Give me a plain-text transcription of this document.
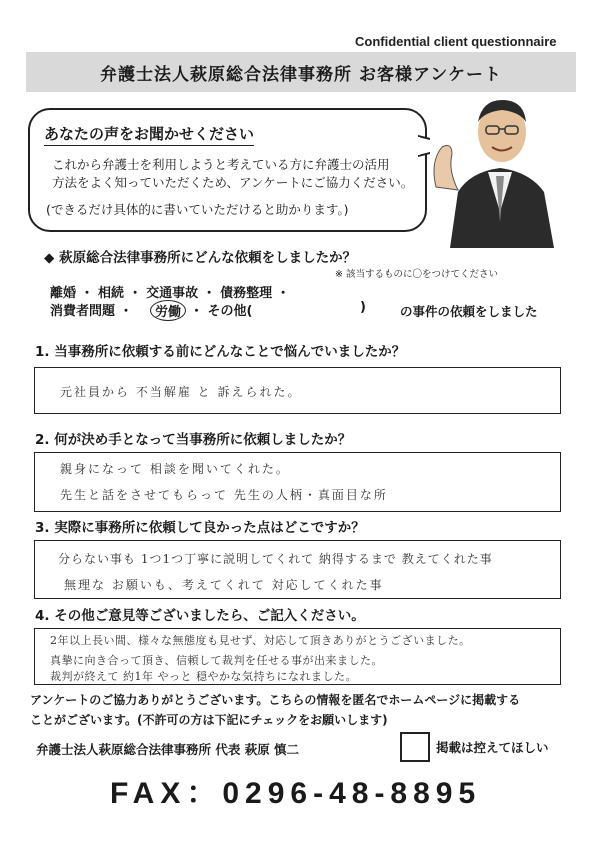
Confidential client questionnaire
弁護士法人萩原総合法律事務所 お客様アンケート
あなたの声をお聞かせください
これから弁護士を利用しようと考えている方に弁護士の活用
方法をよく知っていただくため、アンケートにご協力ください。
(できるだけ具体的に書いていただけると助かります。)
◆ 萩原総合法律事務所にどんな依頼をしましたか？
※ 該当するものに〇をつけてください
離婚 ・ 相続 ・ 交通事故 ・ 債務整理 ・
消費者問題 ・	労働 ・ その他(	)	の事件の依頼をしました
1. 当事務所に依頼する前にどんなことで悩んでいましたか？
元社員から 不当解雇 と 訴えられた。
2. 何が決め手となって当事務所に依頼しましたか？
親身になって 相談を聞いてくれた。
先生と話をさせてもらって 先生の人柄・真面目な所
3. 実際に事務所に依頼して良かった点はどこですか？
分らない事も 1つ1つ丁寧に説明してくれて 納得するまで 教えてくれた事
無理な お願いも、考えてくれて 対応してくれた事
4. その他ご意見等ございましたら、ご記入ください。
2年以上長い間、様々な無態度も見せず、対応して頂きありがとうございました。
真摯に向き合って頂き、信頼して裁判を任せる事が出来ました。
裁判が終えて 約1年 やっと 穏やかな気持ちになれました。
アンケートのご協力ありがとうございます。こちらの情報を匿名でホームページに掲載する
ことがございます。(不許可の方は下記にチェックをお願いします)
弁護士法人萩原総合法律事務所 代表 萩原 慎二	掲載は控えてほしい
FAX：0296-48-8895
